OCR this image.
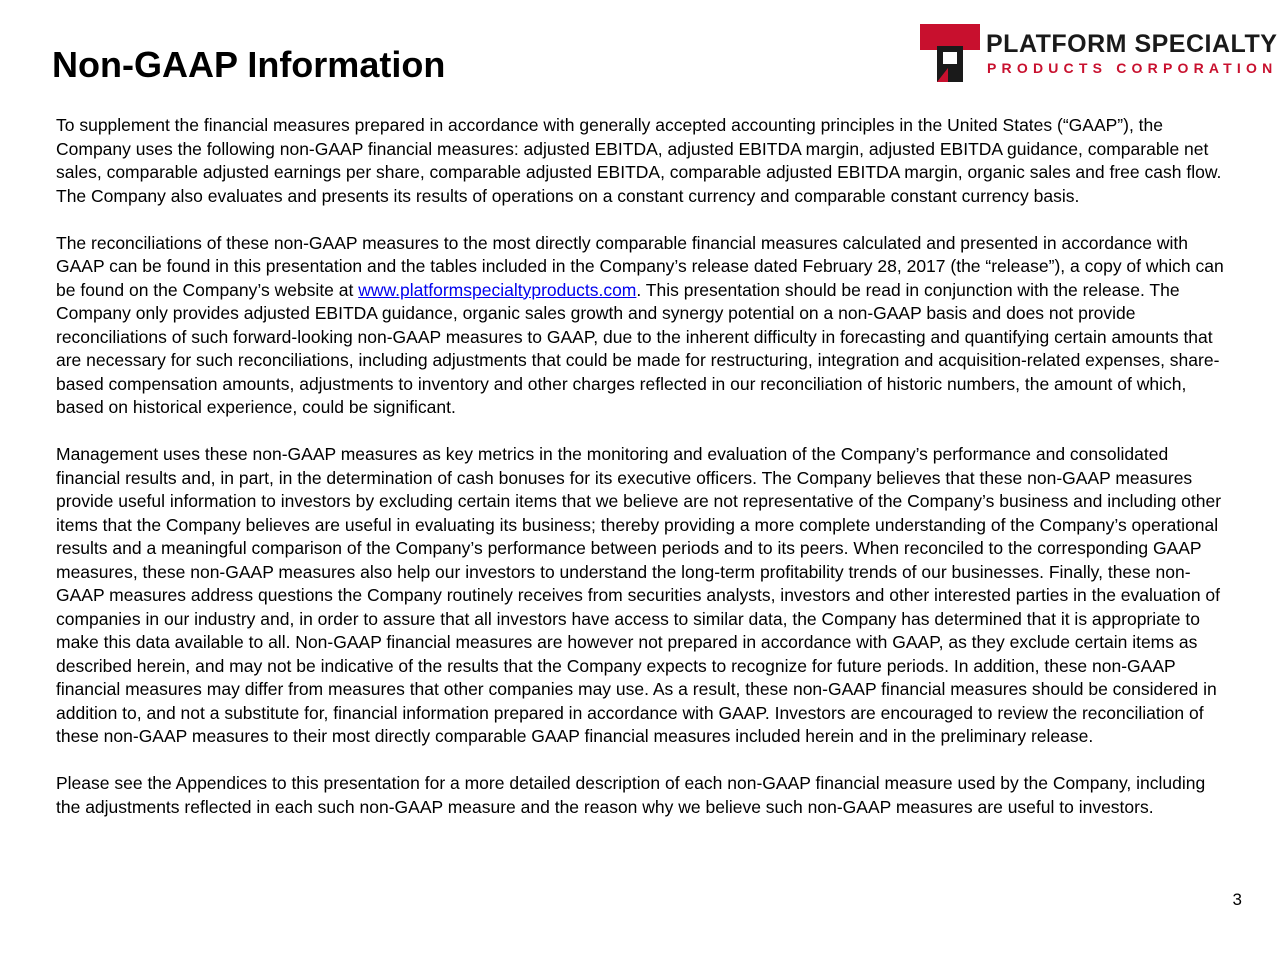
Non-GAAP Information	PLATFORM SPECIALTY
PRODUCTS CORPORATION

To supplement the financial measures prepared in accordance with generally accepted accounting principles in the United States (“GAAP”), the Company uses the following non-GAAP financial measures: adjusted EBITDA, adjusted EBITDA margin, adjusted EBITDA guidance, comparable net sales, comparable adjusted earnings per share, comparable adjusted EBITDA, comparable adjusted EBITDA margin, organic sales and free cash flow. The Company also evaluates and presents its results of operations on a constant currency and comparable constant currency basis.

The reconciliations of these non-GAAP measures to the most directly comparable financial measures calculated and presented in accordance with GAAP can be found in this presentation and the tables included in the Company’s release dated February 28, 2017 (the “release”), a copy of which can be found on the Company’s website at www.platformspecialtyproducts.com. This presentation should be read in conjunction with the release. The Company only provides adjusted EBITDA guidance, organic sales growth and synergy potential on a non-GAAP basis and does not provide reconciliations of such forward-looking non-GAAP measures to GAAP, due to the inherent difficulty in forecasting and quantifying certain amounts that are necessary for such reconciliations, including adjustments that could be made for restructuring, integration and acquisition-related expenses, share-based compensation amounts, adjustments to inventory and other charges reflected in our reconciliation of historic numbers, the amount of which, based on historical experience, could be significant.

Management uses these non-GAAP measures as key metrics in the monitoring and evaluation of the Company’s performance and consolidated financial results and, in part, in the determination of cash bonuses for its executive officers. The Company believes that these non-GAAP measures provide useful information to investors by excluding certain items that we believe are not representative of the Company’s business and including other items that the Company believes are useful in evaluating its business; thereby providing a more complete understanding of the Company’s operational results and a meaningful comparison of the Company’s performance between periods and to its peers. When reconciled to the corresponding GAAP measures, these non-GAAP measures also help our investors to understand the long-term profitability trends of our businesses. Finally, these non-GAAP measures address questions the Company routinely receives from securities analysts, investors and other interested parties in the evaluation of companies in our industry and, in order to assure that all investors have access to similar data, the Company has determined that it is appropriate to make this data available to all. Non-GAAP financial measures are however not prepared in accordance with GAAP, as they exclude certain items as described herein, and may not be indicative of the results that the Company expects to recognize for future periods. In addition, these non-GAAP financial measures may differ from measures that other companies may use. As a result, these non-GAAP financial measures should be considered in addition to, and not a substitute for, financial information prepared in accordance with GAAP. Investors are encouraged to review the reconciliation of these non-GAAP measures to their most directly comparable GAAP financial measures included herein and in the preliminary release.

Please see the Appendices to this presentation for a more detailed description of each non-GAAP financial measure used by the Company, including the adjustments reflected in each such non-GAAP measure and the reason why we believe such non-GAAP measures are useful to investors.

3
